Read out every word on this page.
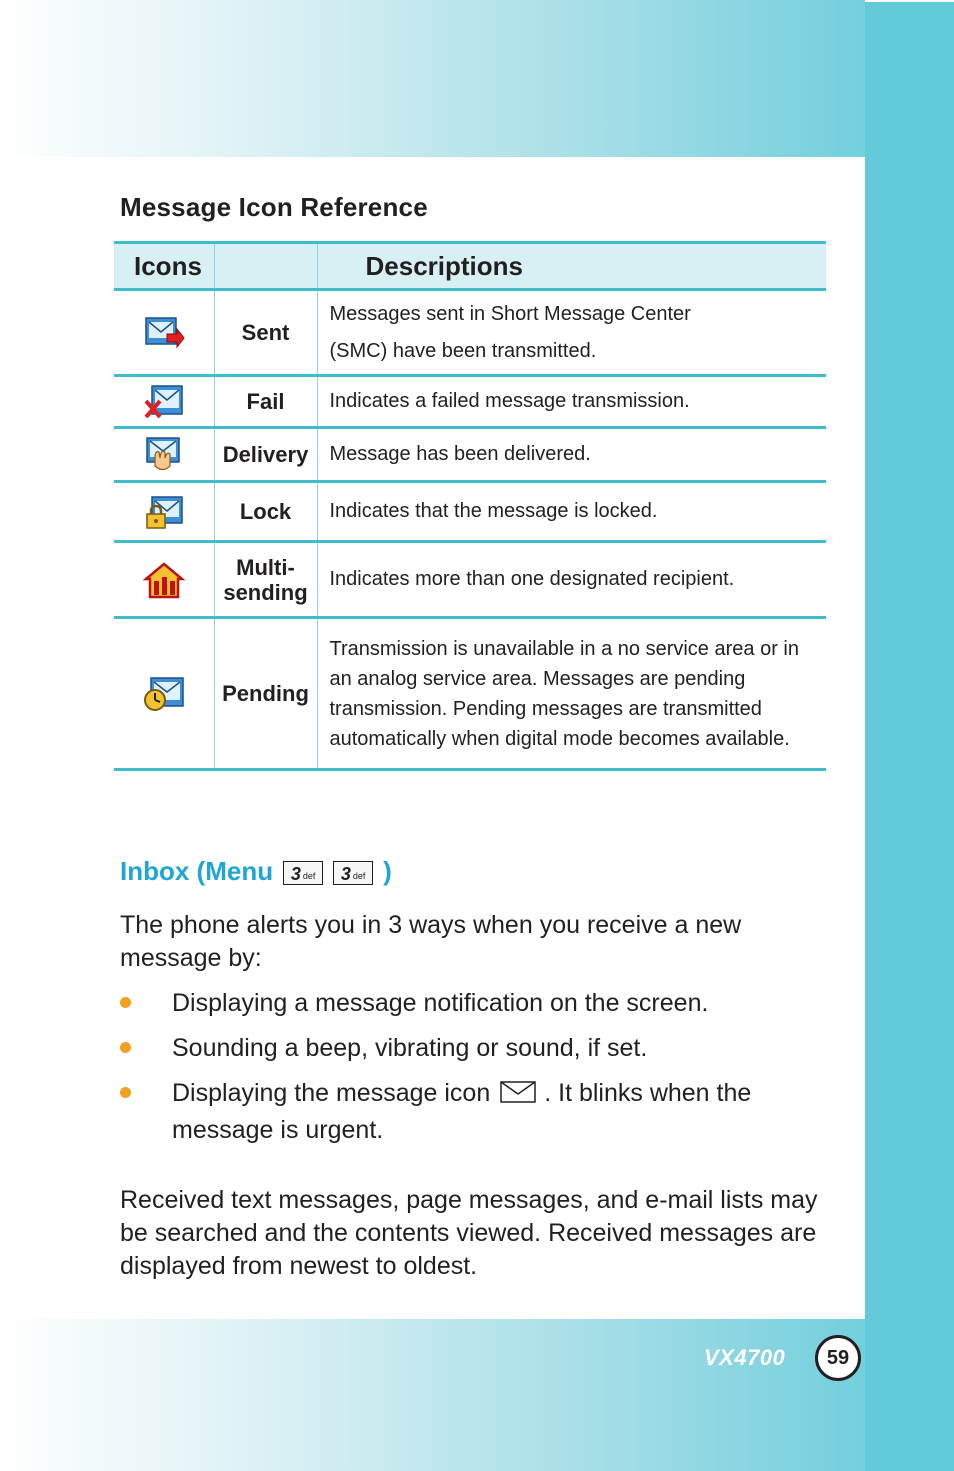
Message Icon Reference
Icons		Descriptions
	Sent	Messages sent in Short Message Center
(SMC) have been transmitted.

	Fail	Indicates a failed message transmission.
	Delivery	Message has been delivered.
	Lock	Indicates that the message is locked.

Multi-
sending	Indicates more than one designated recipient.
	Pending	Transmission is unavailable in a no service area or in
an analog service area. Messages are pending
transmission. Pending messages are transmitted
automatically when digital mode becomes available.
Inbox (Menu 3 def 3 def )

The phone alerts you in 3 ways when you receive a new message by:

Displaying a message notification on the screen.
Sounding a beep, vibrating or sound, if set.
Displaying the message icon . It blinks when the message is urgent.

Received text messages, page messages, and e-mail lists may be searched and the contents viewed. Received messages are displayed from newest to oldest.

VX4700	59
